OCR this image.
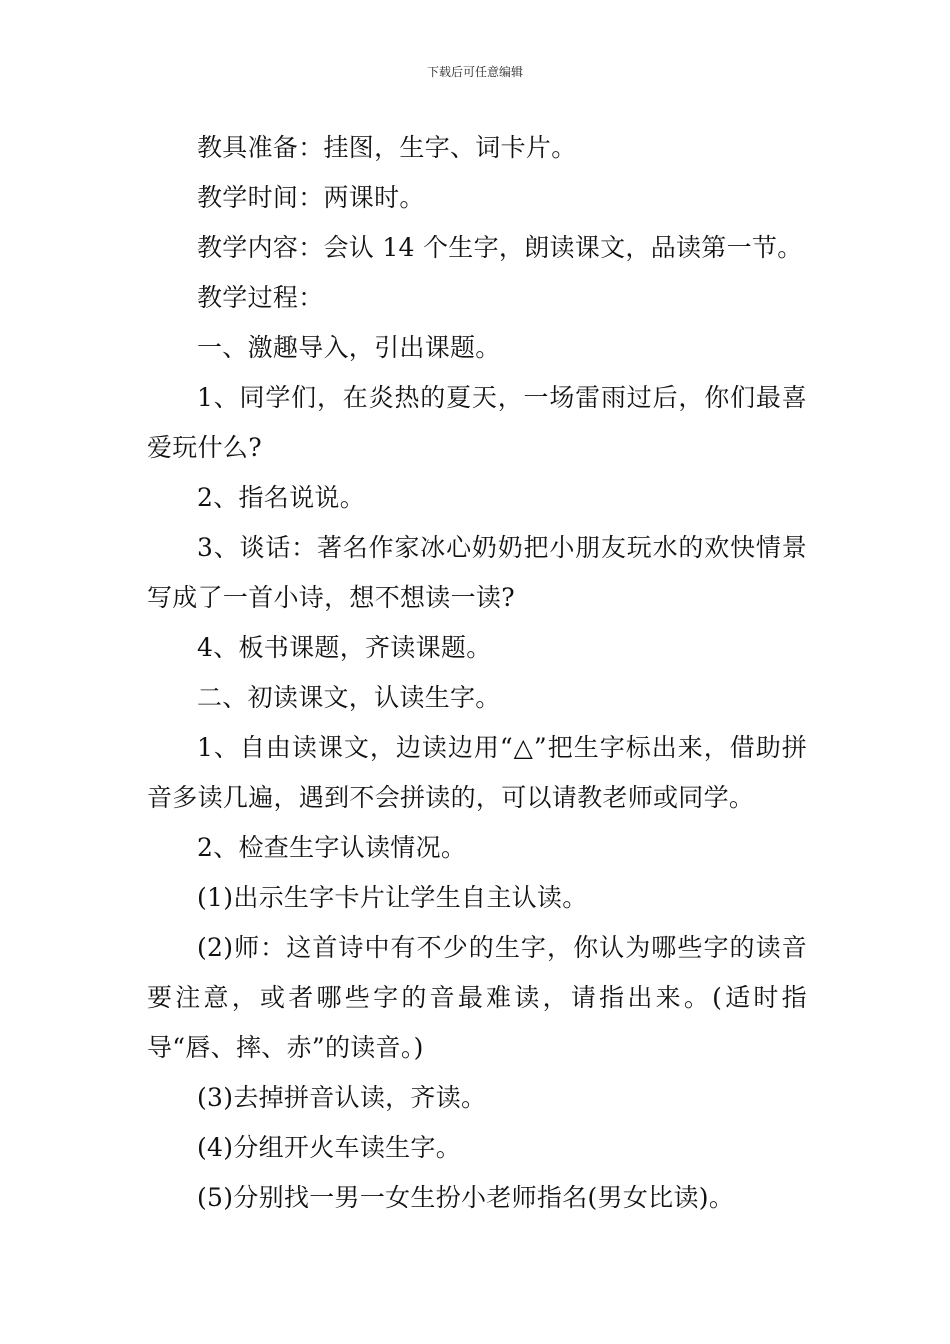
下载后可任意编辑

教具准备：挂图，生字、词卡片。

教学时间：两课时。

教学内容：会认 14 个生字，朗读课文，品读第一节。

教学过程：

一、激趣导入，引出课题。

1、同学们，在炎热的夏天，一场雷雨过后，你们最喜爱玩什么?

2、指名说说。

3、谈话：著名作家冰心奶奶把小朋友玩水的欢快情景写成了一首小诗，想不想读一读?

4、板书课题，齐读课题。

二、初读课文，认读生字。

1、自由读课文，边读边用“△”把生字标出来，借助拼音多读几遍，遇到不会拼读的，可以请教老师或同学。

2、检查生字认读情况。

(1)出示生字卡片让学生自主认读。

(2)师：这首诗中有不少的生字，你认为哪些字的读音要注意，或者哪些字的音最难读，请指出来。(适时指导“唇、摔、赤”的读音。)

(3)去掉拼音认读，齐读。

(4)分组开火车读生字。

(5)分别找一男一女生扮小老师指名(男女比读)。
